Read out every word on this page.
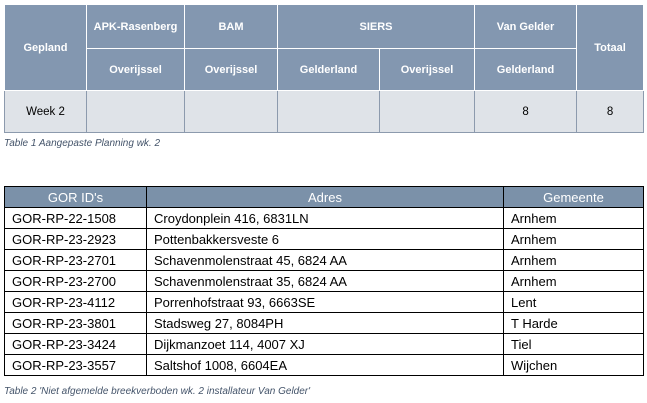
Gepland	APK-Rasenberg	BAM	SIERS		Van Gelder	Totaal
	Overijssel	Overijssel	Gelderland	Overijssel	Gelderland	
Week 2					8	8
Table 1 Aangepaste Planning wk. 2
GOR ID's	Adres	Gemeente
GOR-RP-22-1508	Croydonplein 416, 6831LN	Arnhem
GOR-RP-23-2923	Pottenbakkersveste 6	Arnhem
GOR-RP-23-2701	Schavenmolenstraat 45, 6824 AA	Arnhem
GOR-RP-23-2700	Schavenmolenstraat 35, 6824 AA	Arnhem
GOR-RP-23-4112	Porrenhofstraat 93, 6663SE	Lent
GOR-RP-23-3801	Stadsweg 27, 8084PH	T Harde
GOR-RP-23-3424	Dijkmanzoet 114, 4007 XJ	Tiel
GOR-RP-23-3557	Saltshof 1008, 6604EA	Wijchen
Table 2 'Niet afgemelde breekverboden wk. 2 installateur Van Gelder'
